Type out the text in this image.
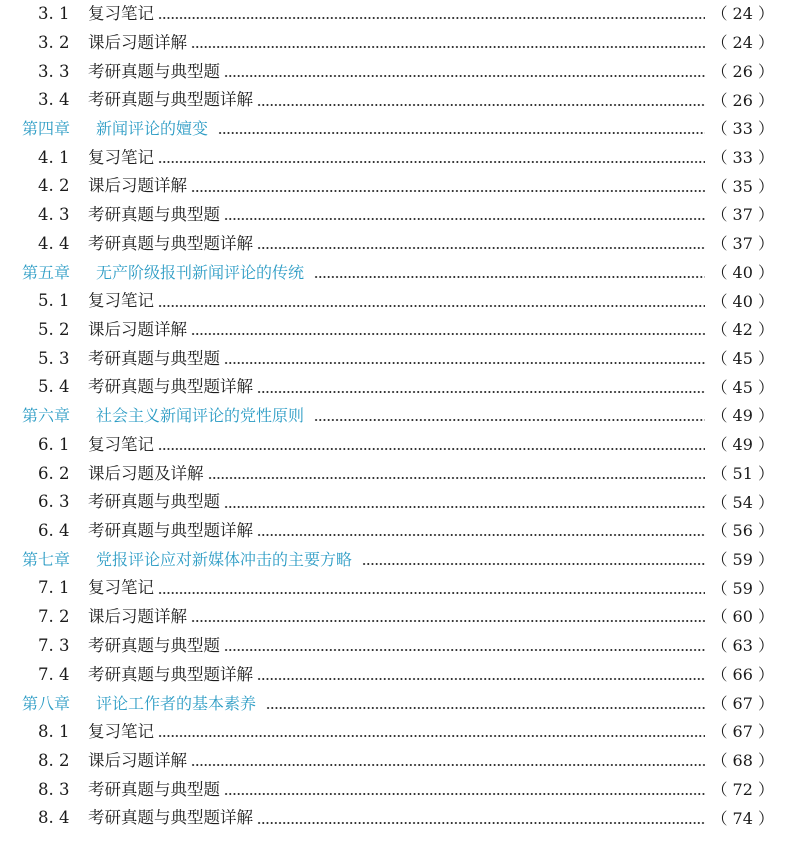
3. 1	复习笔记	（ 24 ）
3. 2	课后习题详解	（ 24 ）
3. 3	考研真题与典型题	（ 26 ）
3. 4	考研真题与典型题详解	（ 26 ）
第四章	新闻评论的嬗变	（ 33 ）
4. 1	复习笔记	（ 33 ）
4. 2	课后习题详解	（ 35 ）
4. 3	考研真题与典型题	（ 37 ）
4. 4	考研真题与典型题详解	（ 37 ）
第五章	无产阶级报刊新闻评论的传统	（ 40 ）
5. 1	复习笔记	（ 40 ）
5. 2	课后习题详解	（ 42 ）
5. 3	考研真题与典型题	（ 45 ）
5. 4	考研真题与典型题详解	（ 45 ）
第六章	社会主义新闻评论的党性原则	（ 49 ）
6. 1	复习笔记	（ 49 ）
6. 2	课后习题及详解	（ 51 ）
6. 3	考研真题与典型题	（ 54 ）
6. 4	考研真题与典型题详解	（ 56 ）
第七章	党报评论应对新媒体冲击的主要方略	（ 59 ）
7. 1	复习笔记	（ 59 ）
7. 2	课后习题详解	（ 60 ）
7. 3	考研真题与典型题	（ 63 ）
7. 4	考研真题与典型题详解	（ 66 ）
第八章	评论工作者的基本素养	（ 67 ）
8. 1	复习笔记	（ 67 ）
8. 2	课后习题详解	（ 68 ）
8. 3	考研真题与典型题	（ 72 ）
8. 4	考研真题与典型题详解	（ 74 ）
